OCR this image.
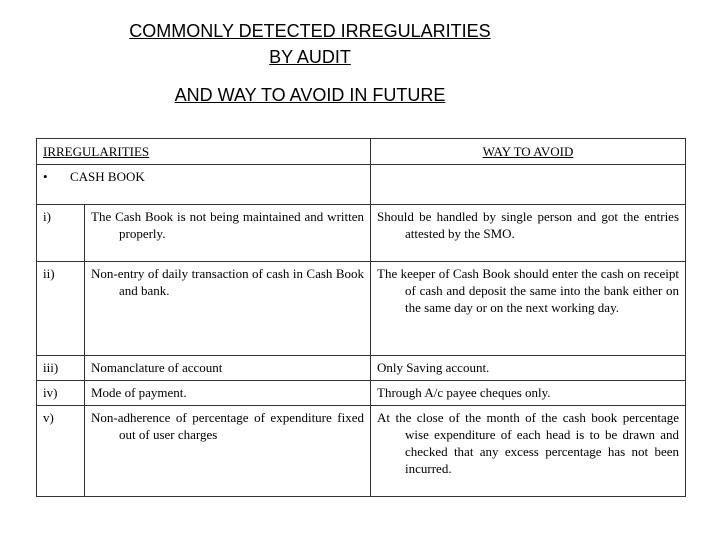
COMMONLY DETECTED IRREGULARITIES
BY AUDIT
AND WAY TO AVOID IN FUTURE
IRREGULARITIES		WAY TO AVOID

• CASH BOOK		

i)	The Cash Book is not being maintained and written properly.	Should be handled by single person and got the entries attested by the SMO.

ii)	Non-entry of daily transaction of cash in Cash Book and bank.	The keeper of Cash Book should enter the cash on receipt of cash and deposit the same into the bank either on the same day or on the next working day.

iii)	Nomanclature of account	Only Saving account.

iv)	Mode of payment.	Through A/c payee cheques only.

v)	Non-adherence of percentage of expenditure fixed out of user charges	At the close of the month of the cash book percentage wise expenditure of each head is to be drawn and checked that any excess percentage has not been incurred.
